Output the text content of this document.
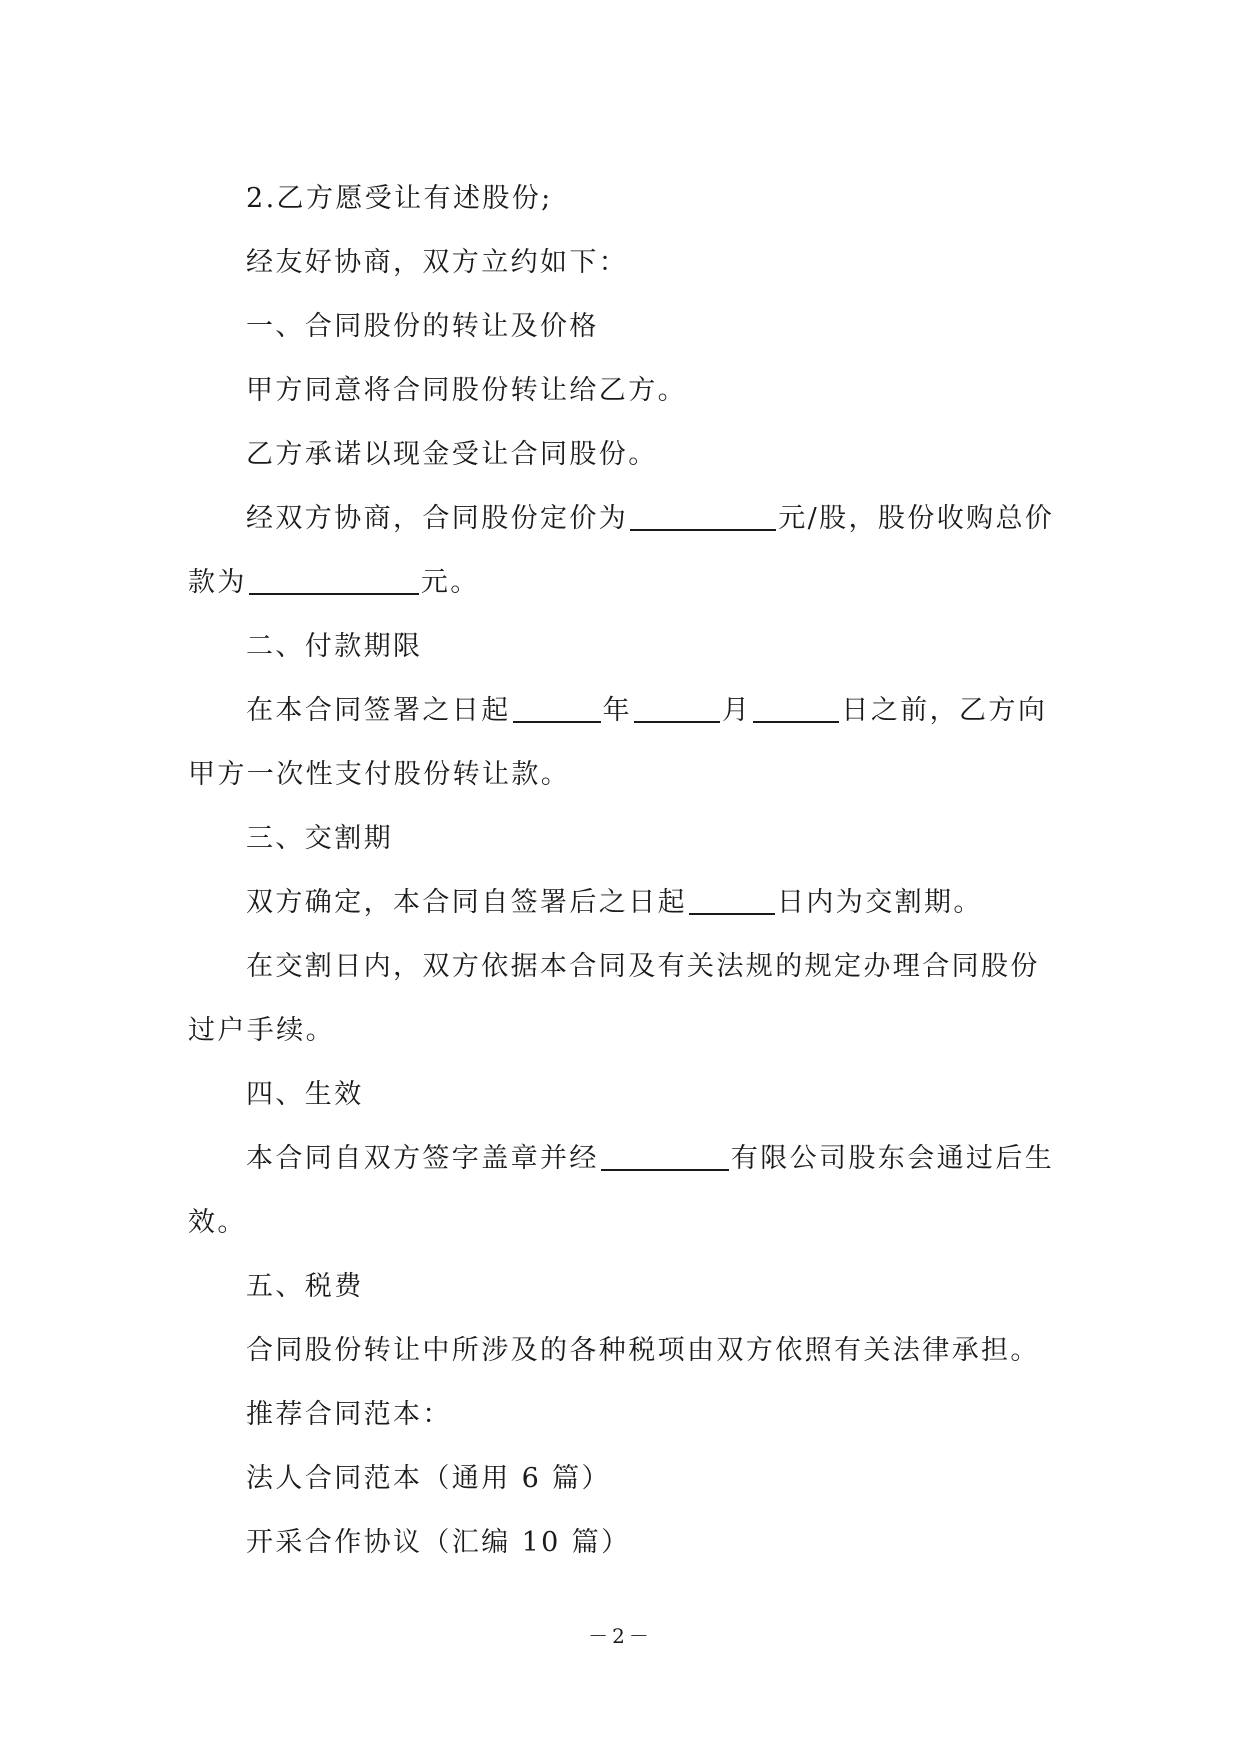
2.乙方愿受让有述股份;

经友好协商，双方立约如下：

一、合同股份的转让及价格

甲方同意将合同股份转让给乙方。

乙方承诺以现金受让合同股份。

经双方协商，合同股份定价为	元/股，股份收购总价款为	元。

二、付款期限

在本合同签署之日起	年	月	日之前，乙方向甲方一次性支付股份转让款。

三、交割期

双方确定，本合同自签署后之日起	日内为交割期。

在交割日内，双方依据本合同及有关法规的规定办理合同股份过户手续。

四、生效

本合同自双方签字盖章并经	有限公司股东会通过后生效。

五、税费

合同股份转让中所涉及的各种税项由双方依照有关法律承担。

推荐合同范本：

法人合同范本（通用 6 篇）

开采合作协议（汇编 10 篇）

－2－
